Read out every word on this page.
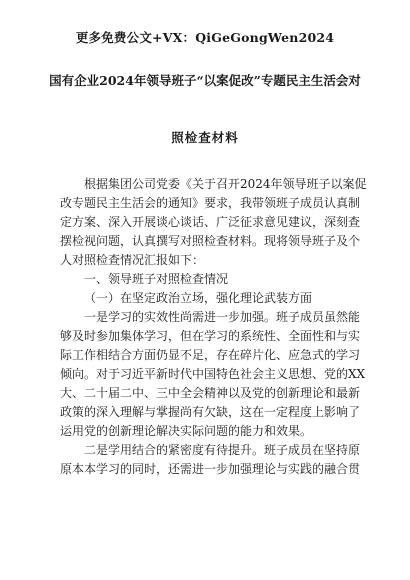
更多免费公文+VX：QiGeGongWen2024
国有企业2024年领导班子“以案促改”专题民主生活会对
照检查材料
根据集团公司党委《关于召开2024年领导班子以案促
改专题民主生活会的通知》要求，我带领班子成员认真制
定方案、深入开展谈心谈话、广泛征求意见建议，深刻查
摆检视问题，认真撰写对照检查材料。现将领导班子及个
人对照检查情况汇报如下：
一、领导班子对照检查情况
（一）在坚定政治立场，强化理论武装方面
一是学习的实效性尚需进一步加强。班子成员虽然能
够及时参加集体学习，但在学习的系统性、全面性和与实
际工作相结合方面仍显不足，存在碎片化、应急式的学习
倾向。对于习近平新时代中国特色社会主义思想、党的XX
大、二十届二中、三中全会精神以及党的创新理论和最新
政策的深入理解与掌握尚有欠缺，这在一定程度上影响了
运用党的创新理论解决实际问题的能力和效果。
二是学用结合的紧密度有待提升。班子成员在坚持原
原本本学习的同时，还需进一步加强理论与实践的融合贯
